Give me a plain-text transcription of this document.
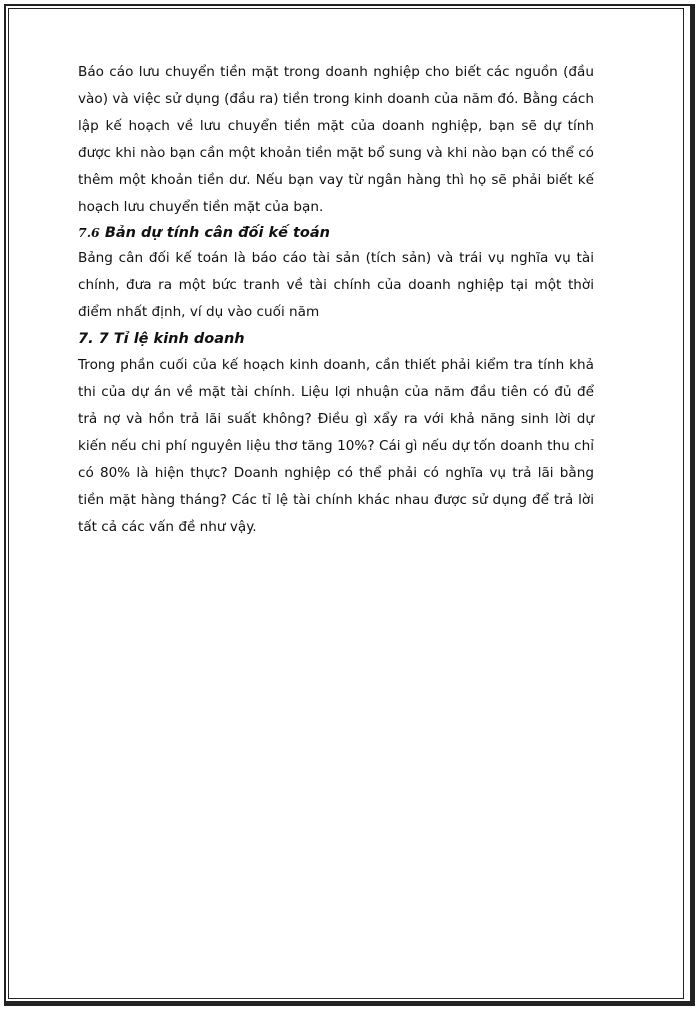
Báo cáo lưu chuyển tiền mặt trong doanh nghiệp cho biết các nguồn (đầu vào) và việc sử dụng (đầu ra) tiền trong kinh doanh của năm đó. Bằng cách lập kế hoạch về lưu chuyển tiền mặt của doanh nghiệp, bạn sẽ dự tính được khi nào bạn cần một khoản tiền mặt bổ sung và khi nào bạn có thể có thêm một khoản tiền dư. Nếu bạn vay từ ngân hàng thì họ sẽ phải biết kế hoạch lưu chuyển tiền mặt của bạn.

7.6 Bản dự tính cân đối kế toán

Bảng cân đối kế toán là báo cáo tài sản (tích sản) và trái vụ nghĩa vụ tài chính, đưa ra một bức tranh về tài chính của doanh nghiệp tại một thời điểm nhất định, ví dụ vào cuối năm

7. 7 Tỉ lệ kinh doanh

Trong phần cuối của kế hoạch kinh doanh, cần thiết phải kiểm tra tính khả thi của dự án về mặt tài chính. Liệu lợi nhuận của năm đầu tiên có đủ để trả nợ và hồn trả lãi suất không? Điều gì xẩy ra với khả năng sinh lời dự kiến nếu chi phí nguyên liệu thơ tăng 10%? Cái gì nếu dự tốn doanh thu chỉ có 80% là hiện thực? Doanh nghiệp có thể phải có nghĩa vụ trả lãi bằng tiền mặt hàng tháng? Các tỉ lệ tài chính khác nhau được sử dụng để trả lời tất cả các vấn đề như vậy.
